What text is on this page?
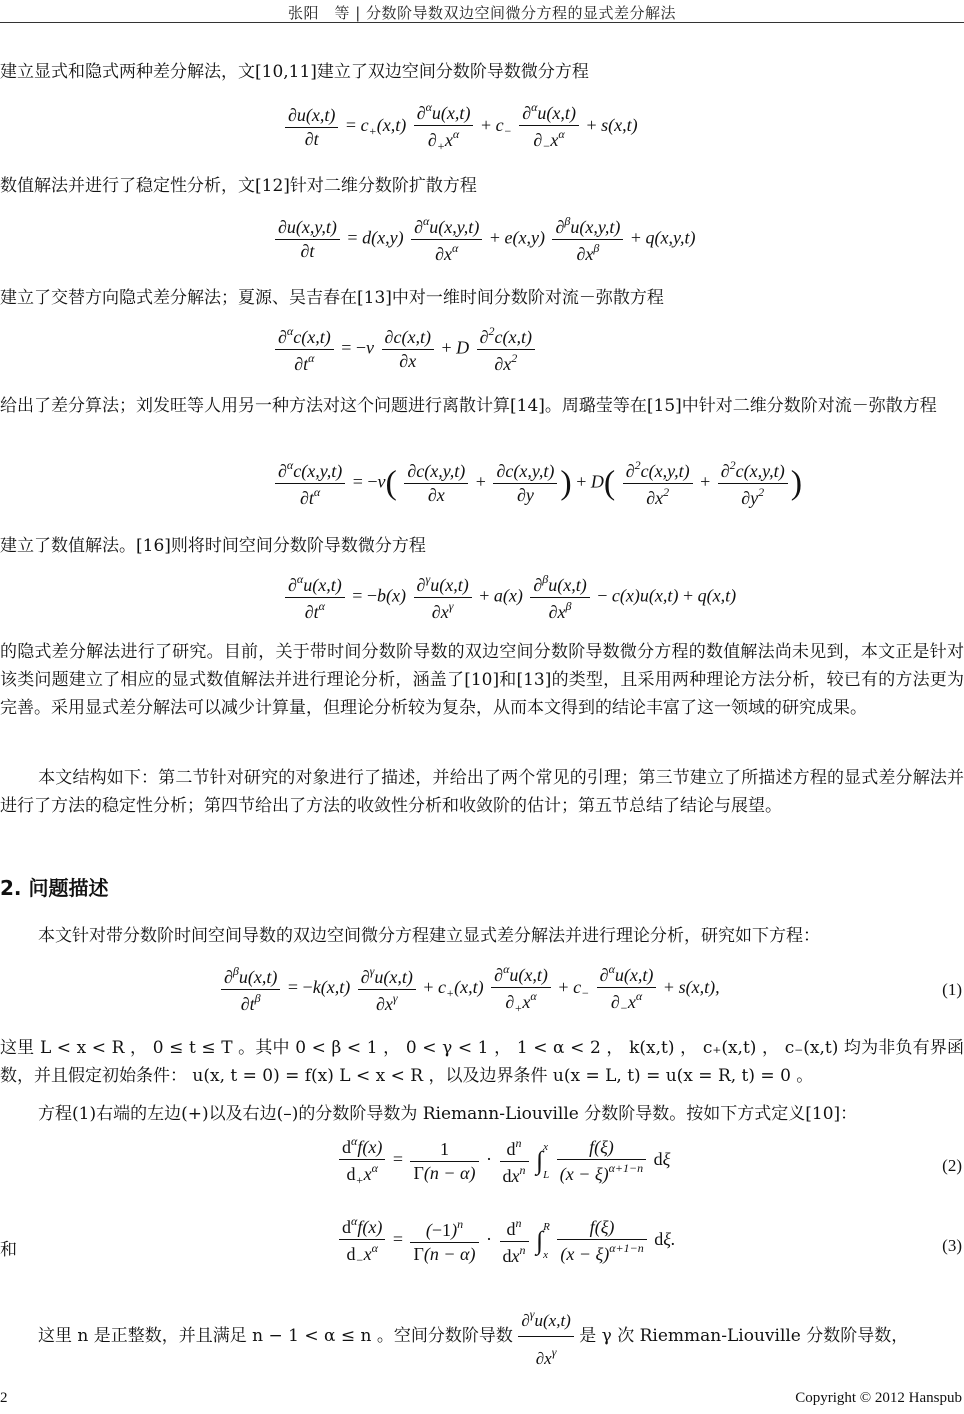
张阳　等 | 分数阶导数双边空间微分方程的显式差分解法
建立显式和隐式两种差分解法，文[10,11]建立了双边空间分数阶导数微分方程
$\frac{\partial u(x,t)}{\partial t} = c_+(x,t) \frac{\partial^\alpha u(x,t)}{\partial_+x^\alpha} + c_- \frac{\partial^\alpha u(x,t)}{\partial_-x^\alpha} + s(x,t)$
数值解法并进行了稳定性分析，文[12]针对二维分数阶扩散方程
$\frac{\partial u(x,y,t)}{\partial t} = d(x,y) \frac{\partial^\alpha u(x,y,t)}{\partial x^\alpha} + e(x,y) \frac{\partial^\beta u(x,y,t)}{\partial x^\beta} + q(x,y,t)$
建立了交替方向隐式差分解法；夏源、吴吉春在[13]中对一维时间分数阶对流－弥散方程
$\frac{\partial^\alpha c(x,t)}{\partial t^\alpha} = -v \frac{\partial c(x,t)}{\partial x} + D \frac{\partial^2c(x,t)}{\partial x^2}$
给出了差分算法；刘发旺等人用另一种方法对这个问题进行离散计算[14]。周璐莹等在[15]中针对二维分数阶对流－弥散方程
$\frac{\partial^\alpha c(x,y,t)}{\partial t^\alpha} = -v( \frac{\partial c(x,y,t)}{\partial x} + \frac{\partial c(x,y,t)}{\partial y}$ ) + $D( \frac{\partial^2c(x,y,t)}{\partial x^2} + \frac{\partial^2c(x,y,t)}{\partial y^2}$ )
建立了数值解法。[16]则将时间空间分数阶导数微分方程
$\frac{\partial^\alpha u(x,t)}{\partial t^\alpha} = -b(x) \frac{\partial^\gamma u(x,t)}{\partial x^\gamma} + a(x) \frac{\partial^\beta u(x,t)}{\partial x^\beta} - c(x)u(x,t) + q(x,t)$
的隐式差分解法进行了研究。目前，关于带时间分数阶导数的双边空间分数阶导数微分方程的数值解法尚未见到，本文正是针对该类问题建立了相应的显式数值解法并进行理论分析，涵盖了[10]和[13]的类型，且采用两种理论方法分析，较已有的方法更为完善。采用显式差分解法可以减少计算量，但理论分析较为复杂，从而本文得到的结论丰富了这一领域的研究成果。
本文结构如下：第二节针对研究的对象进行了描述，并给出了两个常见的引理；第三节建立了所描述方程的显式差分解法并进行了方法的稳定性分析；第四节给出了方法的收敛性分析和收敛阶的估计；第五节总结了结论与展望。
2. 问题描述
本文针对带分数阶时间空间导数的双边空间微分方程建立显式差分解法并进行理论分析，研究如下方程：
$\frac{\partial^\beta u(x,t)}{\partial t^\beta} = -k(x,t) \frac{\partial^\gamma u(x,t)}{\partial x^\gamma} + c_+(x,t) \frac{\partial^\alpha u(x,t)}{\partial_+x^\alpha} + c_- \frac{\partial^\alpha u(x,t)}{\partial_-x^\alpha} + s(x,t)$,	(1)
这里 L < x < R ， 0 ≤ t ≤ T 。其中 0 < β < 1 ， 0 < γ < 1 ， 1 < α < 2 ， k(x,t) ， c₊(x,t) ， c₋(x,t) 均为非负有界函数，并且假定初始条件： u(x, t = 0) = f(x) L < x < R ，以及边界条件 u(x = L, t) = u(x = R, t) = 0 。
方程(1)右端的左边(+)以及右边(–)的分数阶导数为 Riemann-Liouville 分数阶导数。按如下方式定义[10]：
$\frac{d^\alpha f(x)}{d_+x^\alpha} = \frac{1}{\Gamma(n - \alpha)} \cdot \frac{d^n}{dx^n} \int x$

L $\frac{f(\xi)}{(x - \xi)^{\alpha+1-n}}$ dξ	(2)
和	$\frac{d^\alpha f(x)}{d_-x^\alpha} = \frac{(-1)^n}{\Gamma(n - \alpha)} \cdot \frac{d^n}{dx^n} \int R$

x $\frac{f(\xi)}{(x - \xi)^{\alpha+1-n}} d\xi$.	(3)
这里 n 是正整数，并且满足 n − 1 < α ≤ n 。空间分数阶导数 $\frac{\partial^\gamma u(x,t)}{\partial x^\gamma}$ 是 γ 次 Riemman-Liouville 分数阶导数，
2	Copyright © 2012 Hanspub
